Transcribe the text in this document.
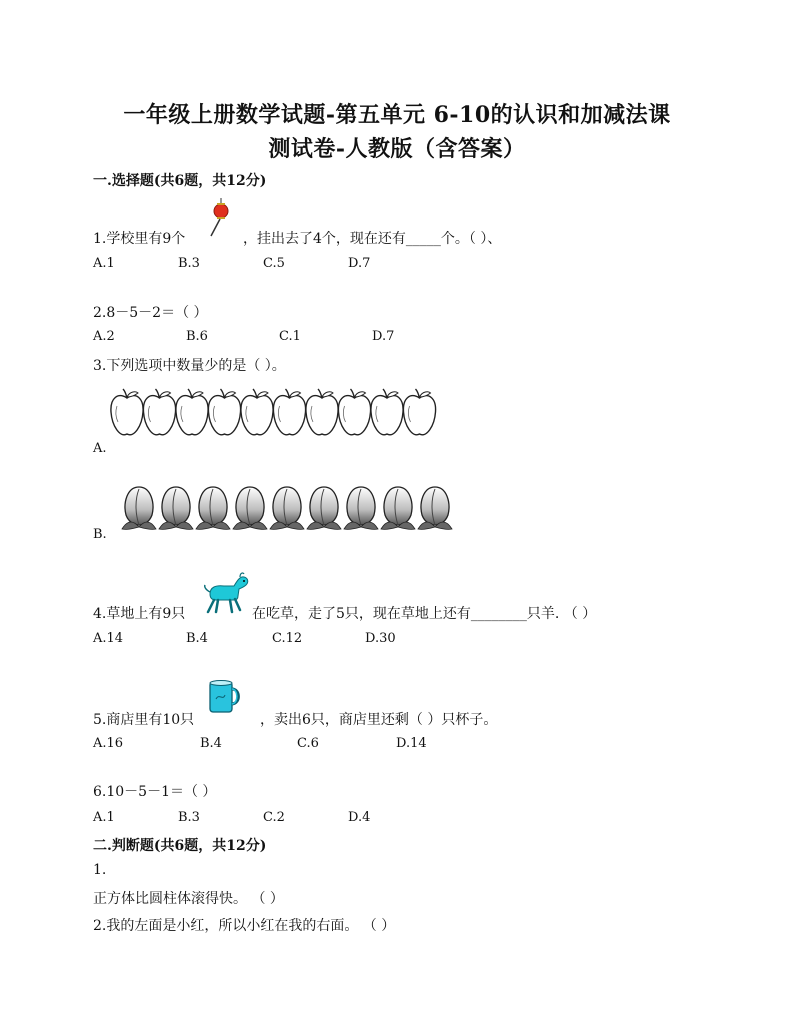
一年级上册数学试题-第五单元 6-10的认识和加减法课
测试卷-人教版（含答案）
一.选择题(共6题，共12分)
1.学校里有9个	，挂出去了4个，现在还有_____个。（ ）、
A.1	B.3	C.5	D.7
2.8－5－2＝（ ）
A.2	B.6	C.1	D.7
3.下列选项中数量少的是（ ）。
A.
B.
4.草地上有9只	在吃草，走了5只，现在草地上还有________只羊. （ ）
A.14	B.4	C.12	D.30
5.商店里有10只	，卖出6只，商店里还剩（ ）只杯子。
A.16	B.4	C.6	D.14
6.10－5－1＝（ ）
A.1	B.3	C.2	D.4
二.判断题(共6题，共12分)
1.
正方体比圆柱体滚得快。 （ ）
2.我的左面是小红，所以小红在我的右面。 （ ）
